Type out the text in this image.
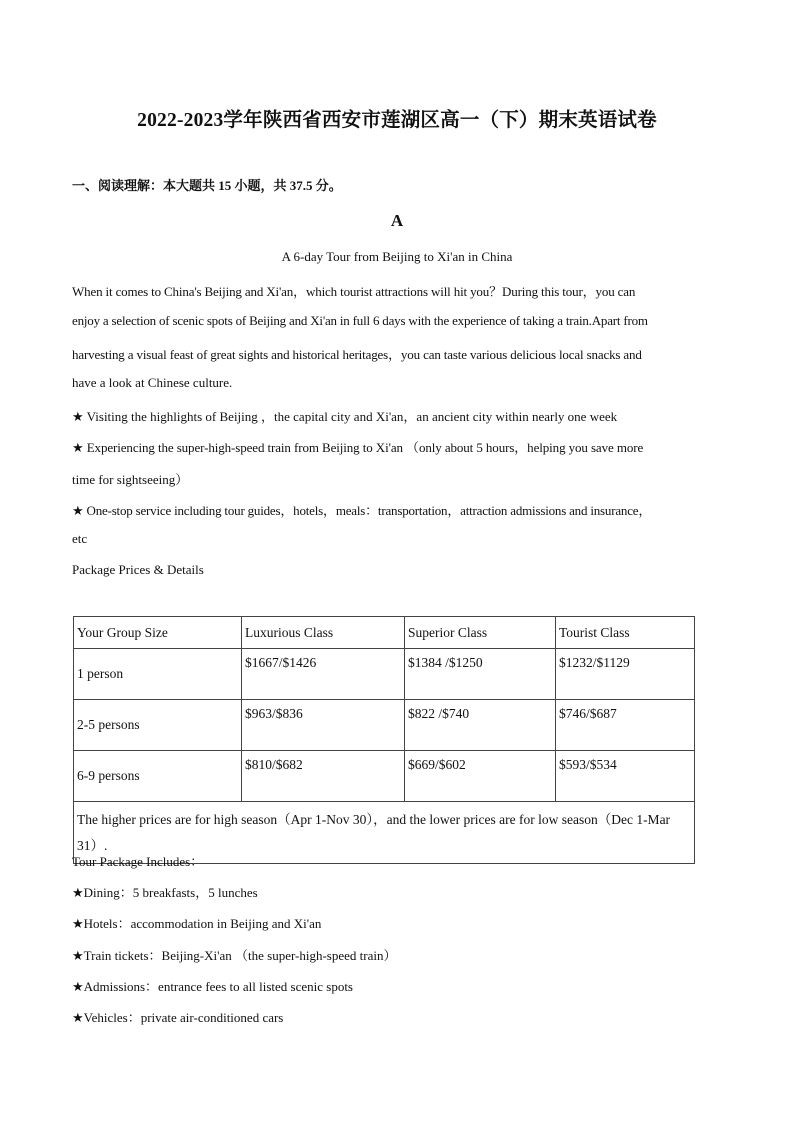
2022-2023学年陕西省西安市莲湖区高一（下）期末英语试卷
一、阅读理解：本大题共 15 小题，共 37.5 分。
A
A 6-day Tour from Beijing to Xi'an in China
When it comes to China's Beijing and Xi'an，which tourist attractions will hit you？During this tour，you can
enjoy a selection of scenic spots of Beijing and Xi'an in full 6 days with the experience of taking a train.Apart from
harvesting a visual feast of great sights and historical heritages，you can taste various delicious local snacks and
have a look at Chinese culture.
★ Visiting the highlights of Beijing ，the capital city and Xi'an，an ancient city within nearly one week
★ Experiencing the super-high-speed train from Beijing to Xi'an （only about 5 hours，helping you save more
time for sightseeing）
★ One-stop service including tour guides，hotels，meals：transportation，attraction admissions and insurance，
etc
Package Prices & Details
Your Group Size	Luxurious Class	Superior Class	Tourist Class
1 person	$1667/$1426	$1384 /$1250	$1232/$1129
2-5 persons	$963/$836	$822 /$740	$746/$687
6-9 persons	$810/$682	$669/$602	$593/$534
The higher prices are for high season（Apr 1-Nov 30），and the lower prices are for low season（Dec 1-Mar 31）.			
Tour Package Includes：
★Dining：5 breakfasts，5 lunches
★Hotels：accommodation in Beijing and Xi'an
★Train tickets：Beijing-Xi'an （the super-high-speed train）
★Admissions：entrance fees to all listed scenic spots
★Vehicles：private air-conditioned cars
